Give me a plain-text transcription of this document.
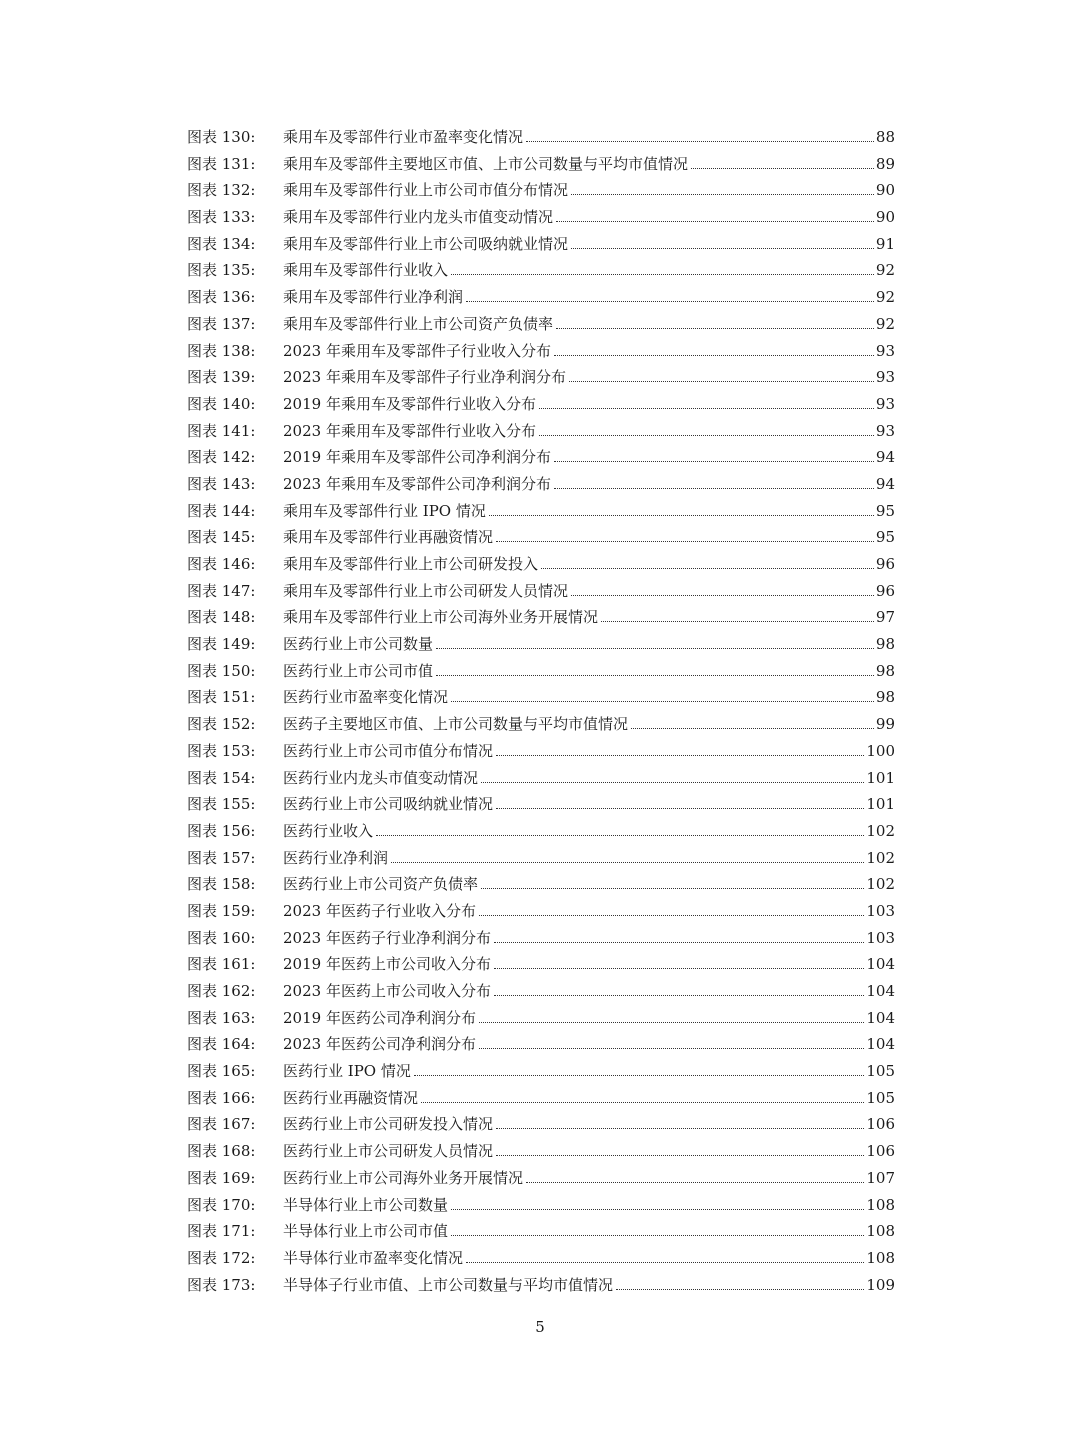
图表 130:	乘用车及零部件行业市盈率变化情况	88
图表 131:	乘用车及零部件主要地区市值、上市公司数量与平均市值情况	89
图表 132:	乘用车及零部件行业上市公司市值分布情况	90
图表 133:	乘用车及零部件行业内龙头市值变动情况	90
图表 134:	乘用车及零部件行业上市公司吸纳就业情况	91
图表 135:	乘用车及零部件行业收入	92
图表 136:	乘用车及零部件行业净利润	92
图表 137:	乘用车及零部件行业上市公司资产负债率	92
图表 138:	2023 年乘用车及零部件子行业收入分布	93
图表 139:	2023 年乘用车及零部件子行业净利润分布	93
图表 140:	2019 年乘用车及零部件行业收入分布	93
图表 141:	2023 年乘用车及零部件行业收入分布	93
图表 142:	2019 年乘用车及零部件公司净利润分布	94
图表 143:	2023 年乘用车及零部件公司净利润分布	94
图表 144:	乘用车及零部件行业 IPO 情况	95
图表 145:	乘用车及零部件行业再融资情况	95
图表 146:	乘用车及零部件行业上市公司研发投入	96
图表 147:	乘用车及零部件行业上市公司研发人员情况	96
图表 148:	乘用车及零部件行业上市公司海外业务开展情况	97
图表 149:	医药行业上市公司数量	98
图表 150:	医药行业上市公司市值	98
图表 151:	医药行业市盈率变化情况	98
图表 152:	医药子主要地区市值、上市公司数量与平均市值情况	99
图表 153:	医药行业上市公司市值分布情况	100
图表 154:	医药行业内龙头市值变动情况	101
图表 155:	医药行业上市公司吸纳就业情况	101
图表 156:	医药行业收入	102
图表 157:	医药行业净利润	102
图表 158:	医药行业上市公司资产负债率	102
图表 159:	2023 年医药子行业收入分布	103
图表 160:	2023 年医药子行业净利润分布	103
图表 161:	2019 年医药上市公司收入分布	104
图表 162:	2023 年医药上市公司收入分布	104
图表 163:	2019 年医药公司净利润分布	104
图表 164:	2023 年医药公司净利润分布	104
图表 165:	医药行业 IPO 情况	105
图表 166:	医药行业再融资情况	105
图表 167:	医药行业上市公司研发投入情况	106
图表 168:	医药行业上市公司研发人员情况	106
图表 169:	医药行业上市公司海外业务开展情况	107
图表 170:	半导体行业上市公司数量	108
图表 171:	半导体行业上市公司市值	108
图表 172:	半导体行业市盈率变化情况	108
图表 173:	半导体子行业市值、上市公司数量与平均市值情况	109
5
